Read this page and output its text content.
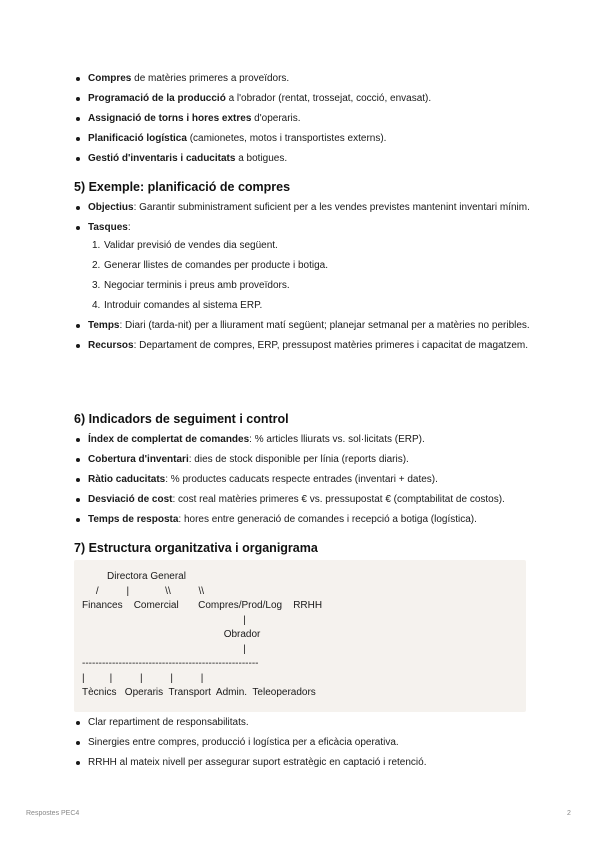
Compres de matèries primeres a proveïdors.
Programació de la producció a l'obrador (rentat, trossejat, cocció, envasat).
Assignació de torns i hores extres d'operaris.
Planificació logística (camionetes, motos i transportistes externs).
Gestió d'inventaris i caducitats a botigues.
5) Exemple: planificació de compres
Objectius: Garantir subministrament suficient per a les vendes previstes mantenint inventari mínim.
Tasques:
1. Validar previsió de vendes dia següent.
2. Generar llistes de comandes per producte i botiga.
3. Negociar terminis i preus amb proveïdors.
4. Introduir comandes al sistema ERP.
Temps: Diari (tarda-nit) per a lliurament matí següent; planejar setmanal per a matèries no peribles.
Recursos: Departament de compres, ERP, pressupost matèries primeres i capacitat de magatzem.
6) Indicadors de seguiment i control
Índex de complertat de comandes: % articles lliurats vs. sol·licitats (ERP).
Cobertura d'inventari: dies de stock disponible per línia (reports diaris).
Ràtio caducitats: % productes caducats respecte entrades (inventari + dates).
Desviació de cost: cost real matèries primeres € vs. pressupostat € (comptabilitat de costos).
Temps de resposta: hores entre generació de comandes i recepció a botiga (logística).
7) Estructura organitzativa i organigrama
Directora General
/          |             \\          \\
Finances    Comercial       Compres/Prod/Log    RRHH
|
Obrador
|
-----------------------------------------------------
|         |          |          |          |
Tècnics   Operaris  Transport  Admin.  Teleoperadors
Clar repartiment de responsabilitats.
Sinergies entre compres, producció i logística per a eficàcia operativa.
RRHH al mateix nivell per assegurar suport estratègic en captació i retenció.
Respostes PEC4	2
